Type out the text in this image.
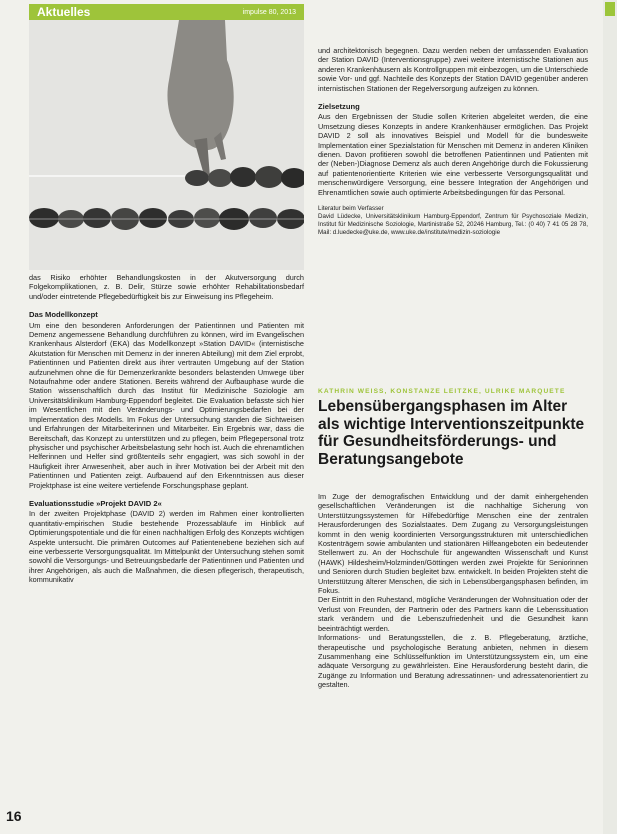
Aktuelles	impulse 80, 2013

das Risiko erhöhter Behandlungskosten in der Akutversorgung durch Folgekomplikationen, z. B. Delir, Stürze sowie erhöhter Rehabilitationsbedarf und/oder eintretende Pflegebedürftigkeit bis zur Einweisung ins Pflegeheim.

Das Modellkonzept

Um eine den besonderen Anforderungen der Patientinnen und Patienten mit Demenz angemessene Behandlung durchführen zu können, wird im Evangelischen Krankenhaus Alsterdorf (EKA) das Modellkonzept »Station DAVID« (internistische Akutstation für Menschen mit Demenz in der inneren Abteilung) mit dem Ziel erprobt, Patientinnen und Patienten direkt aus ihrer vertrauten Umgebung auf der Station aufzunehmen ohne die für Demenzerkrankte besonders belastenden Umwege über Notaufnahme oder andere Stationen. Bereits während der Aufbauphase wurde die Station wissenschaftlich durch das Institut für Medizinische Soziologie am Universitätsklinikum Hamburg-Eppendorf begleitet. Die Evaluation befasste sich hier im Wesentlichen mit den Veränderungs- und Optimierungsbedarfen bei der Implementation des Modells. Im Fokus der Untersuchung standen die Sichtweisen und Erfahrungen der Mitarbeiterinnen und Mitarbeiter. Ein Ergebnis war, dass die Bereitschaft, das Konzept zu unterstützen und zu pflegen, beim Pflegepersonal trotz physischer und psychischer Arbeitsbelastung sehr hoch ist. Auch die ehrenamtlichen Helferinnen und Helfer sind größtenteils sehr engagiert, was sich sowohl in der Häufigkeit ihrer Anwesenheit, aber auch in ihrer Motivation bei der Arbeit mit den Patientinnen und Patienten zeigt. Aufbauend auf den Erkenntnissen aus dieser Projektphase ist eine weitere vertiefende Forschungsphase geplant.

Evaluationsstudie »Projekt DAVID 2«

In der zweiten Projektphase (DAVID 2) werden im Rahmen einer kontrollierten quantitativ-empirischen Studie bestehende Prozessabläufe im Hinblick auf Optimierungspotentiale und die für einen nachhaltigen Erfolg des Konzepts wichtigen Aspekte untersucht. Die primären Outcomes auf Patientenebene beziehen sich auf eine verbesserte Versorgungsqualität. Im Mittelpunkt der Untersuchung stehen somit sowohl die Versorgungs- und Betreuungsbedarfe der Patientinnen und Patienten und ihrer Angehörigen, als auch die Maßnahmen, die diesen pflegerisch, therapeutisch, kommunikativ

und architektonisch begegnen. Dazu werden neben der umfassenden Evaluation der Station DAVID (Interventionsgruppe) zwei weitere internistische Stationen aus anderen Krankenhäusern als Kontrollgruppen mit einbezogen, um die Unterschiede sowie Vor- und ggf. Nachteile des Konzepts der Station DAVID gegenüber anderen internistischen Stationen der Regelversorgung aufzeigen zu können.

Zielsetzung

Aus den Ergebnissen der Studie sollen Kriterien abgeleitet werden, die eine Umsetzung dieses Konzepts in andere Krankenhäuser ermöglichen. Das Projekt DAVID 2 soll als innovatives Beispiel und Modell für die bundesweite Implementation einer Spezialstation für Menschen mit Demenz in anderen Kliniken dienen. Davon profitieren sowohl die betroffenen Patientinnen und Patienten mit der (Neben-)Diagnose Demenz als auch deren Angehörige durch die Fokussierung auf patientenorientierte Kriterien wie eine verbesserte Versorgungsqualität und menschenwürdigere Versorgung, eine bessere Integration der Angehörigen und Ehrenamtlichen sowie auch optimierte Arbeitsbedingungen für das Personal.

Literatur beim Verfasser

David Lüdecke, Universitätsklinikum Hamburg-Eppendorf, Zentrum für Psychosoziale Medizin, Institut für Medizinische Soziologie, Martinistraße 52, 20246 Hamburg, Tel.: (0 40) 7 41 05 28 78, Mail: d.luedecke@uke.de, www.uke.de/institute/medizin-soziologie

KATHRIN WEISS, KONSTANZE LEITZKE, ULRIKE MARQUETE
Lebensübergangsphasen im Alter als wichtige Interventionszeitpunkte für Gesundheitsförderungs- und Beratungsangebote

Im Zuge der demografischen Entwicklung und der damit einhergehenden gesellschaftlichen Veränderungen ist die nachhaltige Sicherung von Unterstützungssystemen für Hilfebedürftige Menschen eine der zentralen Herausforderungen des Sozialstaates. Dem Zugang zu Versorgungsleistungen kommt in den wenig koordinierten Versorgungsstrukturen mit unterschiedlichen Kostenträgern sowie ambulanten und stationären Hilfeangeboten ein bedeutender Stellenwert zu. An der Hochschule für angewandten Wissenschaft und Kunst (HAWK) Hildesheim/Holzminden/Göttingen werden zwei Projekte für Seniorinnen und Senioren durch Studien begleitet bzw. entwickelt. In beiden Projekten steht die Unterstützung älterer Menschen, die sich in Lebensübergangsphasen befinden, im Fokus.

Der Eintritt in den Ruhestand, mögliche Veränderungen der Wohnsituation oder der Verlust von Freunden, der Partnerin oder des Partners kann die Lebenssituation stark verändern und die Lebenszufriedenheit und die Gesundheit kann beeinträchtigt werden.

Informations- und Beratungsstellen, die z. B. Pflegeberatung, ärztliche, therapeutische und psychologische Beratung anbieten, nehmen in diesem Zusammenhang eine Schlüsselfunktion im Unterstützungssystem ein, um eine adäquate Versorgung zu gewährleisten. Eine Herausforderung besteht darin, die Zugänge zu Information und Beratung adressatinnen- und adressatenorientiert zu gestalten.

16
